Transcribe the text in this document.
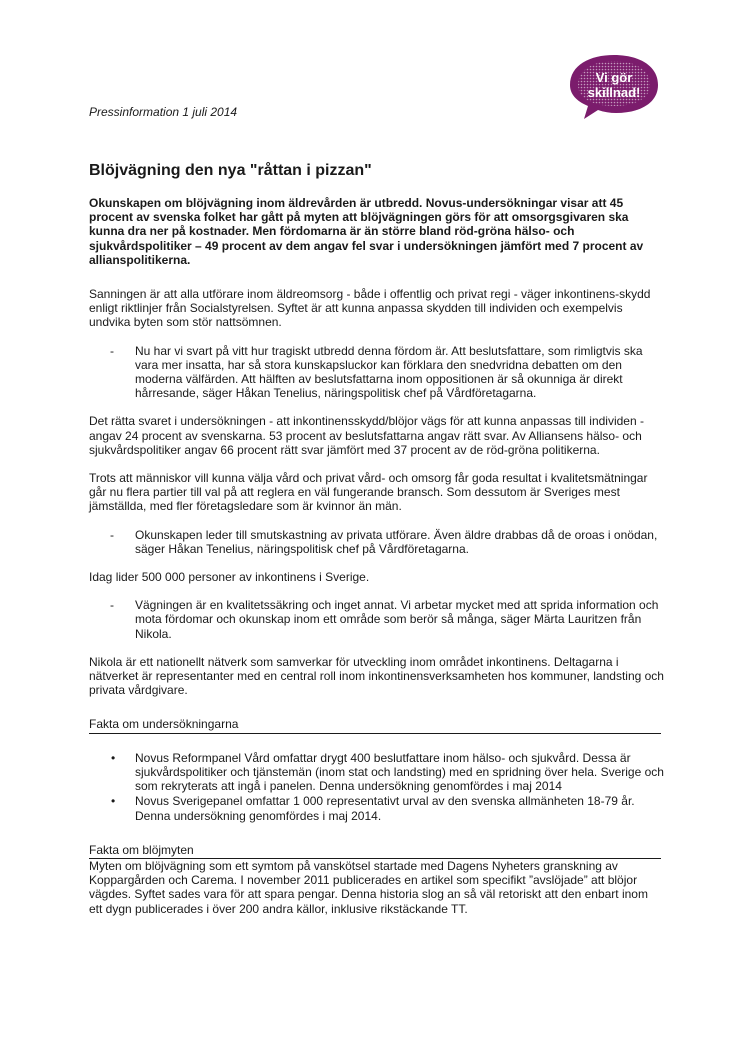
Vi gör
skillnad!
Pressinformation 1 juli 2014
Blöjvägning den nya "råttan i pizzan"

Okunskapen om blöjvägning inom äldrevården är utbredd. Novus-undersökningar visar att 45 procent av svenska folket har gått på myten att blöjvägningen görs för att omsorgsgivaren ska kunna dra ner på kostnader. Men fördomarna är än större bland röd-gröna hälso- och sjukvårdspolitiker – 49 procent av dem angav fel svar i undersökningen jämfört med 7 procent av allianspolitikerna.

Sanningen är att alla utförare inom äldreomsorg - både i offentlig och privat regi - väger inkontinens-skydd enligt riktlinjer från Socialstyrelsen. Syftet är att kunna anpassa skydden till individen och exempelvis undvika byten som stör nattsömnen.

- Nu har vi svart på vitt hur tragiskt utbredd denna fördom är. Att beslutsfattare, som rimligtvis ska vara mer insatta, har så stora kunskapsluckor kan förklara den snedvridna debatten om den moderna välfärden. Att hälften av beslutsfattarna inom oppositionen är så okunniga är direkt hårresande, säger Håkan Tenelius, näringspolitisk chef på Vårdföretagarna.

Det rätta svaret i undersökningen - att inkontinensskydd/blöjor vägs för att kunna anpassas till individen - angav 24 procent av svenskarna. 53 procent av beslutsfattarna angav rätt svar. Av Alliansens hälso- och sjukvårdspolitiker angav 66 procent rätt svar jämfört med 37 procent av de röd-gröna politikerna.

Trots att människor vill kunna välja vård och privat vård- och omsorg får goda resultat i kvalitetsmätningar går nu flera partier till val på att reglera en väl fungerande bransch. Som dessutom är Sveriges mest jämställda, med fler företagsledare som är kvinnor än män.

- Okunskapen leder till smutskastning av privata utförare. Även äldre drabbas då de oroas i onödan, säger Håkan Tenelius, näringspolitisk chef på Vårdföretagarna.

Idag lider 500 000 personer av inkontinens i Sverige.

- Vägningen är en kvalitetssäkring och inget annat. Vi arbetar mycket med att sprida information och mota fördomar och okunskap inom ett område som berör så många, säger Märta Lauritzen från Nikola.

Nikola är ett nationellt nätverk som samverkar för utveckling inom området inkontinens. Deltagarna i nätverket är representanter med en central roll inom inkontinensverksamheten hos kommuner, landsting och privata vårdgivare.

Fakta om undersökningarna
• Novus Reformpanel Vård omfattar drygt 400 beslutfattare inom hälso- och sjukvård. Dessa är sjukvårdspolitiker och tjänstemän (inom stat och landsting) med en spridning över hela. Sverige och som rekryterats att ingå i panelen. Denna undersökning genomfördes i maj 2014
• Novus Sverigepanel omfattar 1 000 representativt urval av den svenska allmänheten 18-79 år. Denna undersökning genomfördes i maj 2014.
Fakta om blöjmyten

Myten om blöjvägning som ett symtom på vanskötsel startade med Dagens Nyheters granskning av Koppargården och Carema. I november 2011 publicerades en artikel som specifikt ”avslöjade” att blöjor vägdes. Syftet sades vara för att spara pengar. Denna historia slog an så väl retoriskt att den enbart inom ett dygn publicerades i över 200 andra källor, inklusive rikstäckande TT.
